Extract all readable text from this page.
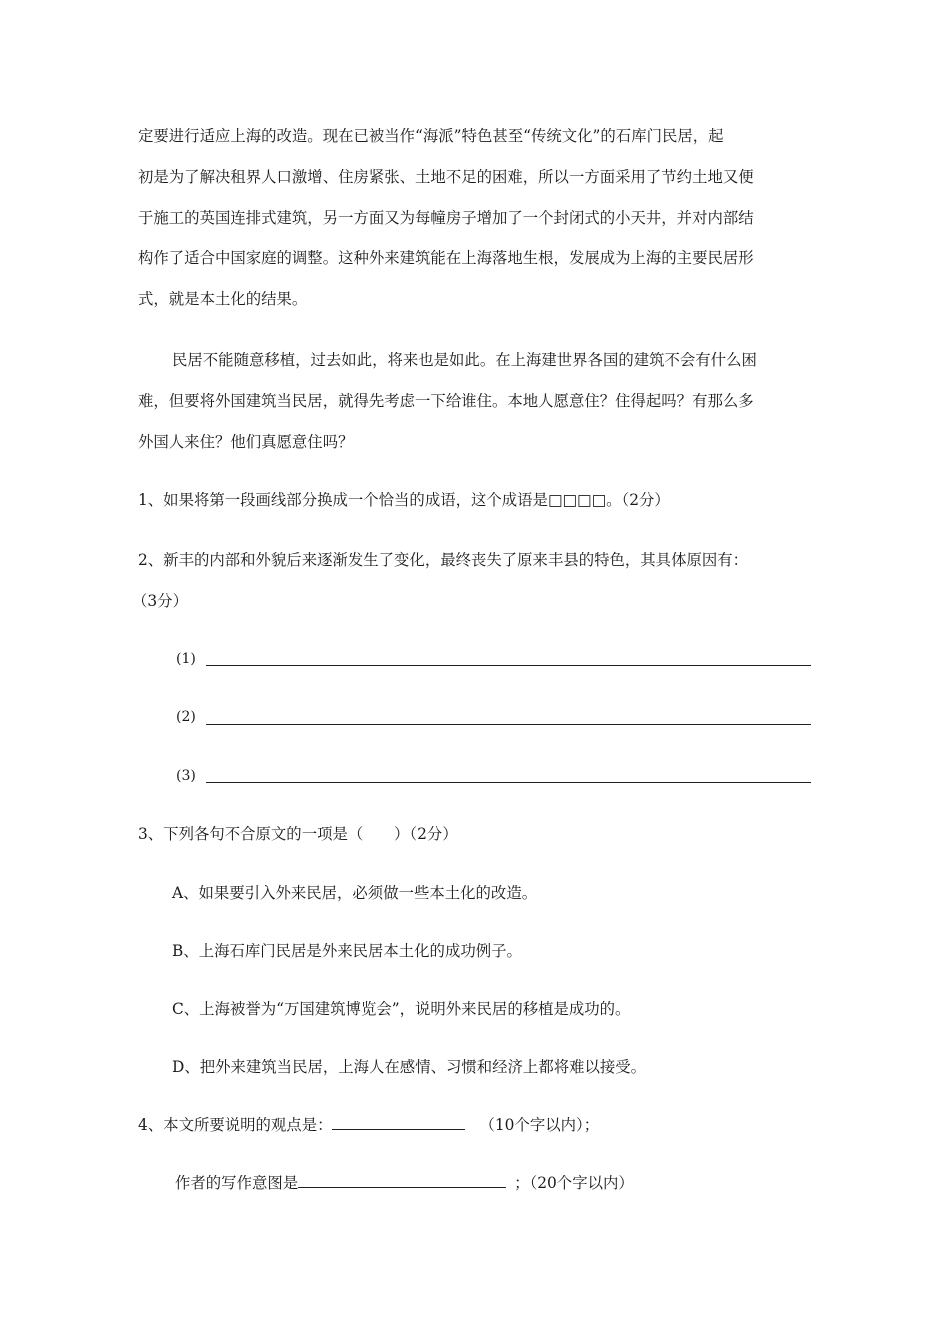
定要进行适应上海的改造。现在已被当作“海派”特色甚至“传统文化”的石库门民居，起
初是为了解决租界人口激增、住房紧张、土地不足的困难，所以一方面采用了节约土地又便
于施工的英国连排式建筑，另一方面又为每幢房子增加了一个封闭式的小天井，并对内部结
构作了适合中国家庭的调整。这种外来建筑能在上海落地生根，发展成为上海的主要民居形
式，就是本土化的结果。
民居不能随意移植，过去如此，将来也是如此。在上海建世界各国的建筑不会有什么困
难，但要将外国建筑当民居，就得先考虑一下给谁住。本地人愿意住？住得起吗？有那么多
外国人来住？他们真愿意住吗？
1、如果将第一段画线部分换成一个恰当的成语，这个成语是□□□□。（2分）
2、新丰的内部和外貌后来逐渐发生了变化，最终丧失了原来丰县的特色，其具体原因有：
（3分）
(1)
(2)
(3)
3、下列各句不合原文的一项是（　　）（2分）
A、如果要引入外来民居，必须做一些本土化的改造。
B、上海石库门民居是外来民居本土化的成功例子。
C、上海被誉为“万国建筑博览会”，说明外来民居的移植是成功的。
D、把外来建筑当民居，上海人在感情、习惯和经济上都将难以接受。
4、本文所要说明的观点是：	（10个字以内）；
作者的写作意图是	；（20个字以内）
